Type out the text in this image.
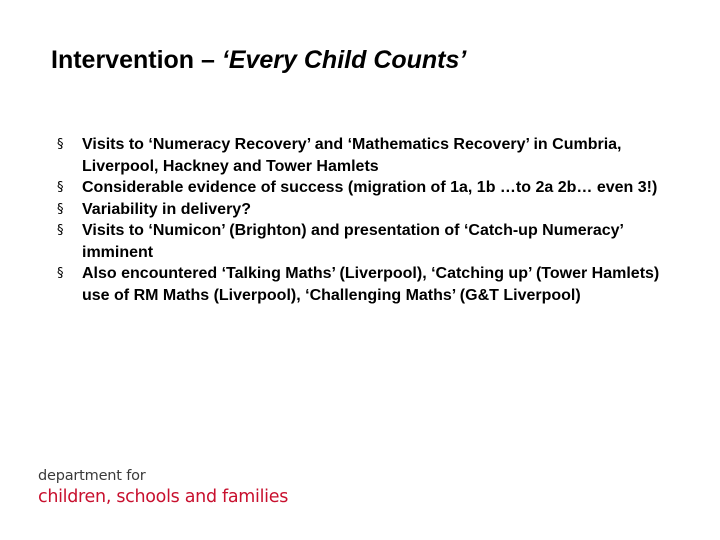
Intervention – ‘Every Child Counts’
§ Visits to ‘Numeracy Recovery’ and ‘Mathematics Recovery’ in Cumbria, Liverpool, Hackney and Tower Hamlets
§ Considerable evidence of success (migration of 1a, 1b …to 2a 2b… even 3!)
§ Variability in delivery?
§ Visits to ‘Numicon’ (Brighton) and presentation of ‘Catch-up Numeracy’ imminent
§ Also encountered ‘Talking Maths’ (Liverpool), ‘Catching up’ (Tower Hamlets) use of RM Maths (Liverpool), ‘Challenging Maths’ (G&T Liverpool)
department for
children, schools and families
